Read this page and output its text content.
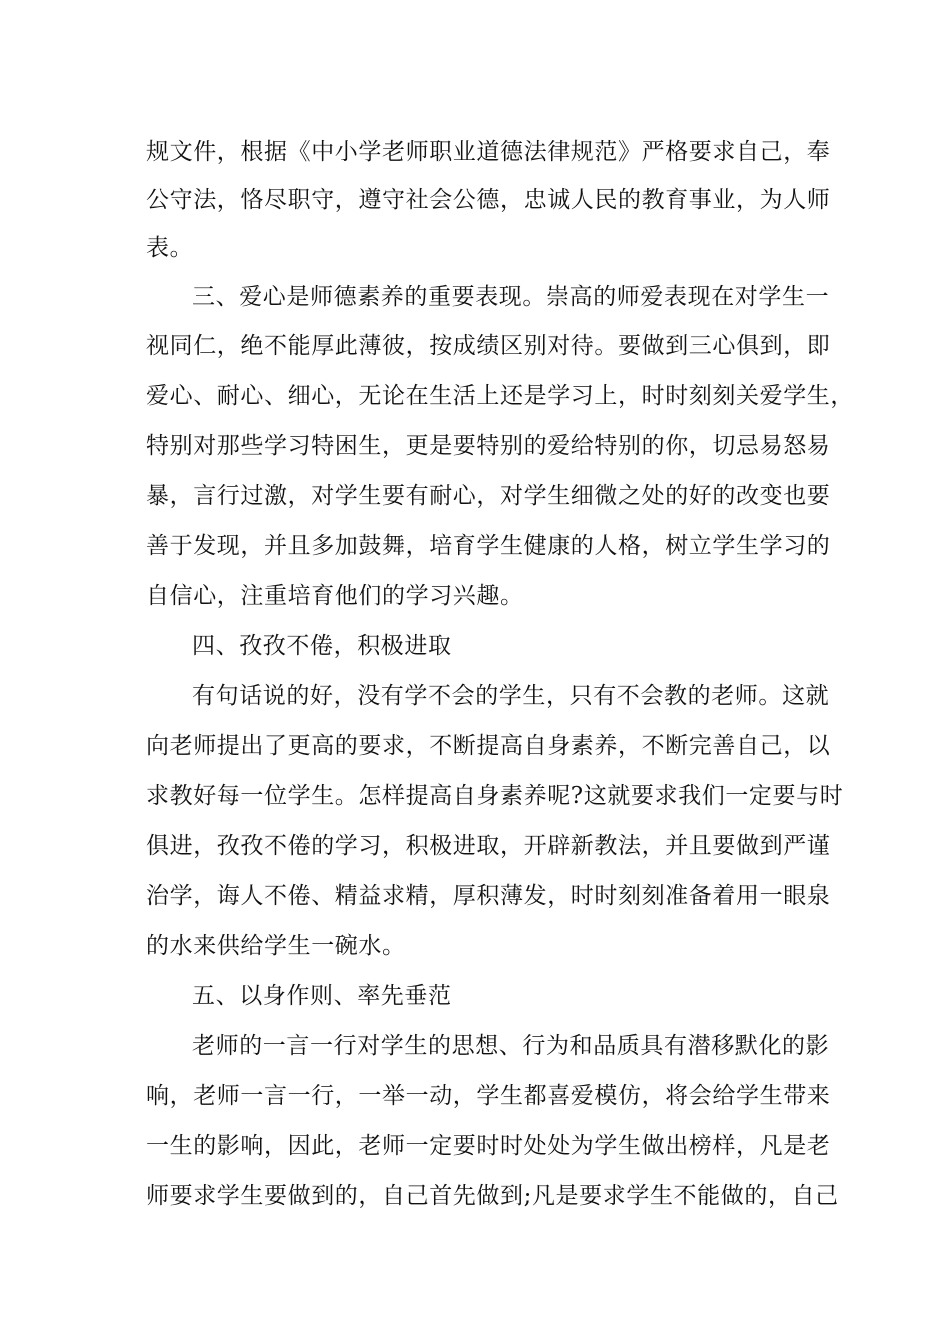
规文件，根据《中小学老师职业道德法律规范》严格要求自己，奉
公守法，恪尽职守，遵守社会公德，忠诚人民的教育事业，为人师
表。
三、爱心是师德素养的重要表现。崇高的师爱表现在对学生一
视同仁，绝不能厚此薄彼，按成绩区别对待。要做到三心俱到，即
爱心、耐心、细心，无论在生活上还是学习上，时时刻刻关爱学生，
特别对那些学习特困生，更是要特别的爱给特别的你，切忌易怒易
暴，言行过激，对学生要有耐心，对学生细微之处的好的改变也要
善于发现，并且多加鼓舞，培育学生健康的人格，树立学生学习的
自信心，注重培育他们的学习兴趣。
四、孜孜不倦，积极进取
有句话说的好，没有学不会的学生，只有不会教的老师。这就
向老师提出了更高的要求，不断提高自身素养，不断完善自己，以
求教好每一位学生。怎样提高自身素养呢?这就要求我们一定要与时
俱进，孜孜不倦的学习，积极进取，开辟新教法，并且要做到严谨
治学，诲人不倦、精益求精，厚积薄发，时时刻刻准备着用一眼泉
的水来供给学生一碗水。
五、以身作则、率先垂范
老师的一言一行对学生的思想、行为和品质具有潜移默化的影
响，老师一言一行，一举一动，学生都喜爱模仿，将会给学生带来
一生的影响，因此，老师一定要时时处处为学生做出榜样，凡是老
师要求学生要做到的，自己首先做到;凡是要求学生不能做的，自己
